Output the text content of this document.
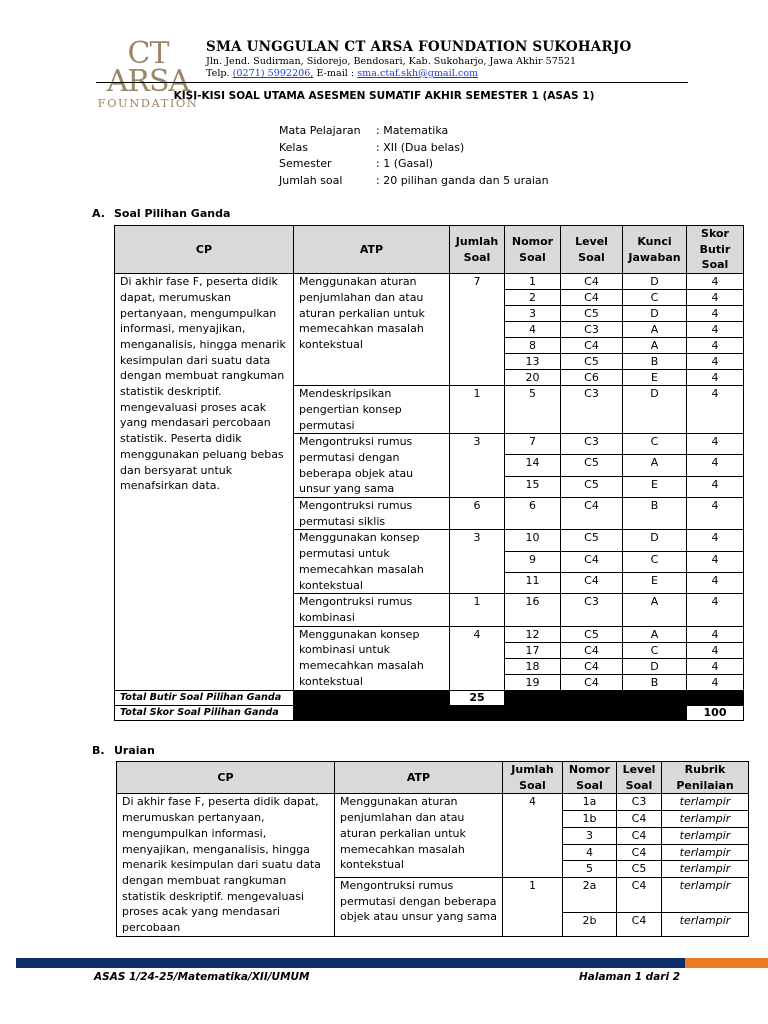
CT ARSA
FOUNDATION
SMA UNGGULAN CT ARSA FOUNDATION SUKOHARJO
Jln. Jend. Sudirman, Sidorejo, Bendosari, Kab. Sukoharjo, Jawa Akhir 57521
Telp. (0271) 5992206, E-mail : sma.ctaf.skh@gmail.com
KISI-KISI SOAL UTAMA ASESMEN SUMATIF AKHIR SEMESTER 1 (ASAS 1)
Mata Pelajaran	: Matematika
Kelas	: XII (Dua belas)
Semester	: 1 (Gasal)
Jumlah soal	: 20 pilihan ganda dan 5 uraian
A. Soal Pilihan Ganda
CP	ATP	Jumlah Soal	Nomor Soal	Level Soal	Kunci Jawaban	Skor Butir Soal
Di akhir fase F, peserta didik dapat, merumuskan pertanyaan, mengumpulkan informasi, menyajikan, menganalisis, hingga menarik kesimpulan dari suatu data dengan membuat rangkuman statistik deskriptif. mengevaluasi proses acak yang mendasari percobaan statistik. Peserta didik menggunakan peluang bebas dan bersyarat untuk menafsirkan data.	Menggunakan aturan penjumlahan dan atau aturan perkalian untuk memecahkan masalah kontekstual	7	1	C4	D	4
			2	C4	C	4
			3	C5	D	4
			4	C3	A	4
			8	C4	A	4
			13	C5	B	4
			20	C6	E	4
	Mendeskripsikan pengertian konsep permutasi	1	5	C3	D	4
	Mengontruksi rumus permutasi dengan beberapa objek atau unsur yang sama	3	7	C3	C	4
			14	C5	A	4
			15	C5	E	4
	Mengontruksi rumus permutasi siklis	6	6	C4	B	4
	Menggunakan konsep permutasi untuk memecahkan masalah kontekstual	3	10	C5	D	4
			9	C4	C	4
			11	C4	E	4
	Mengontruksi rumus kombinasi	1	16	C3	A	4
	Menggunakan konsep kombinasi untuk memecahkan masalah kontekstual	4	12	C5	A	4
			17	C4	C	4
			18	C4	D	4
			19	C4	B	4
Total Butir Soal Pilihan Ganda		25				
Total Skor Soal Pilihan Ganda						100
B. Uraian
CP	ATP	Jumlah Soal	Nomor Soal	Level Soal	Rubrik Penilaian
Di akhir fase F, peserta didik dapat, merumuskan pertanyaan, mengumpulkan informasi, menyajikan, menganalisis, hingga menarik kesimpulan dari suatu data dengan membuat rangkuman statistik deskriptif. mengevaluasi proses acak yang mendasari percobaan	Menggunakan aturan penjumlahan dan atau aturan perkalian untuk memecahkan masalah kontekstual	4	1a	C3	terlampir
			1b	C4	terlampir
			3	C4	terlampir
			4	C4	terlampir
			5	C5	terlampir
	Mengontruksi rumus permutasi dengan beberapa objek atau unsur yang sama	1	2a	C4	terlampir
			2b	C4	terlampir
ASAS 1/24-25/Matematika/XII/UMUM	Halaman 1 dari 2
